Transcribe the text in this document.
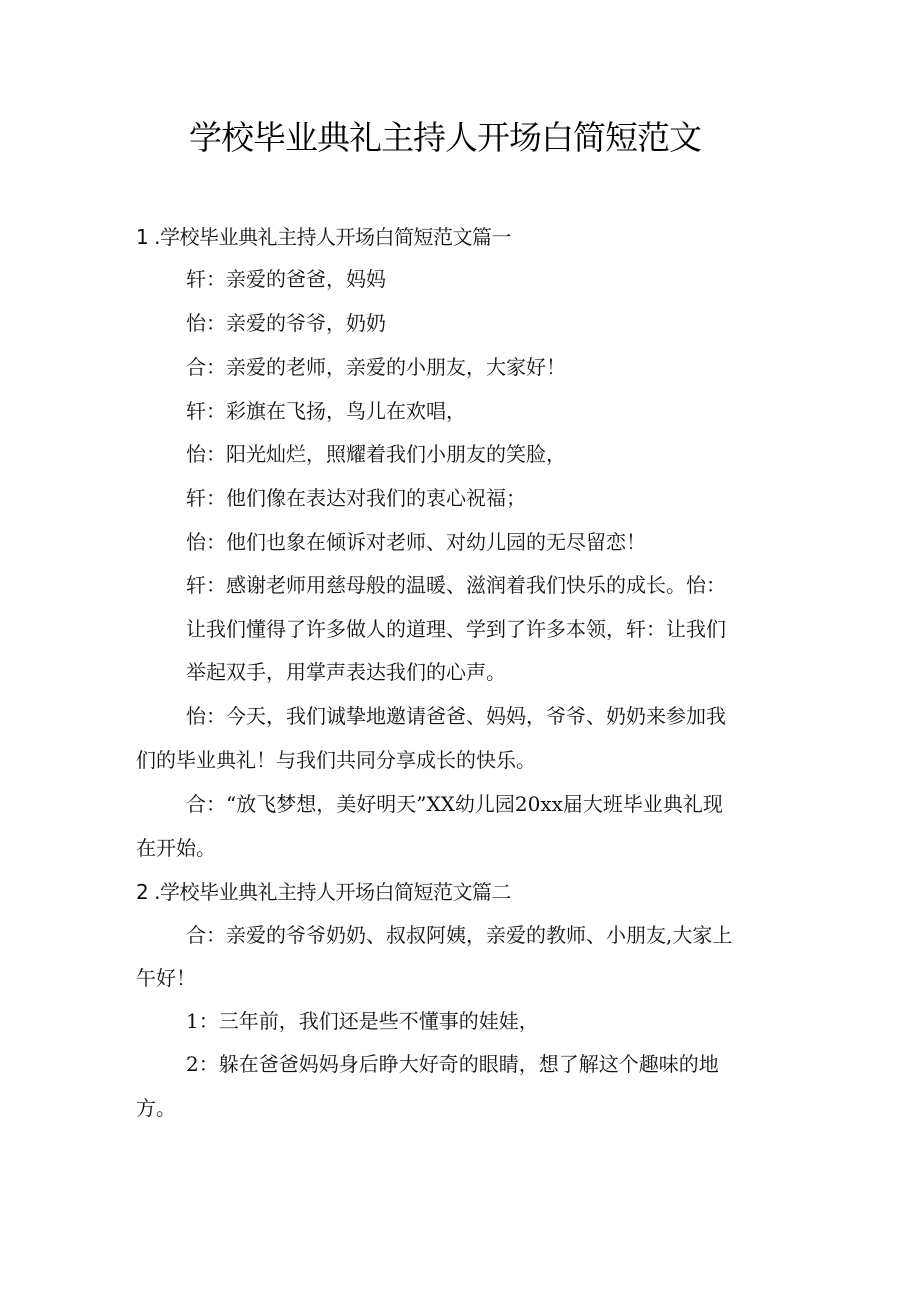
学校毕业典礼主持人开场白简短范文
1 .学校毕业典礼主持人开场白简短范文篇一
轩：亲爱的爸爸，妈妈
怡：亲爱的爷爷，奶奶
合：亲爱的老师，亲爱的小朋友，大家好！
轩：彩旗在飞扬，鸟儿在欢唱，
怡：阳光灿烂，照耀着我们小朋友的笑脸，
轩：他们像在表达对我们的衷心祝福；
怡：他们也象在倾诉对老师、对幼儿园的无尽留恋！
轩：感谢老师用慈母般的温暖、滋润着我们快乐的成长。怡：
让我们懂得了许多做人的道理、学到了许多本领，轩：让我们
举起双手，用掌声表达我们的心声。
怡：今天，我们诚挚地邀请爸爸、妈妈，爷爷、奶奶来参加我
们的毕业典礼！与我们共同分享成长的快乐。
合：“放飞梦想，美好明天”XX幼儿园20xx届大班毕业典礼现
在开始。
2 .学校毕业典礼主持人开场白简短范文篇二
合：亲爱的爷爷奶奶、叔叔阿姨，亲爱的教师、小朋友,大家上
午好！
1：三年前，我们还是些不懂事的娃娃，
2：躲在爸爸妈妈身后睁大好奇的眼睛，想了解这个趣味的地
方。
